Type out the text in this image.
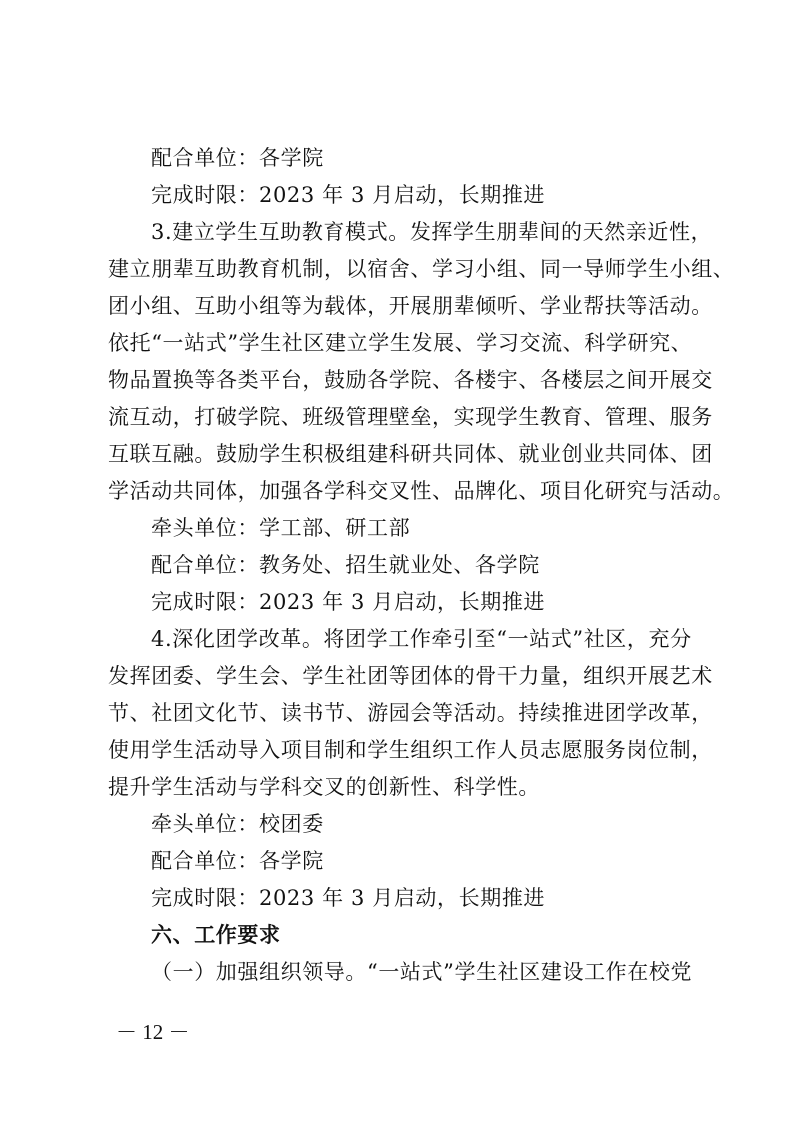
配合单位：各学院
完成时限：2023 年 3 月启动，长期推进
3.建立学生互助教育模式。发挥学生朋辈间的天然亲近性，
建立朋辈互助教育机制，以宿舍、学习小组、同一导师学生小组、
团小组、互助小组等为载体，开展朋辈倾听、学业帮扶等活动。
依托“一站式”学生社区建立学生发展、学习交流、科学研究、
物品置换等各类平台，鼓励各学院、各楼宇、各楼层之间开展交
流互动，打破学院、班级管理壁垒，实现学生教育、管理、服务
互联互融。鼓励学生积极组建科研共同体、就业创业共同体、团
学活动共同体，加强各学科交叉性、品牌化、项目化研究与活动。
牵头单位：学工部、研工部
配合单位：教务处、招生就业处、各学院
完成时限：2023 年 3 月启动，长期推进
4.深化团学改革。将团学工作牵引至“一站式”社区，充分
发挥团委、学生会、学生社团等团体的骨干力量，组织开展艺术
节、社团文化节、读书节、游园会等活动。持续推进团学改革，
使用学生活动导入项目制和学生组织工作人员志愿服务岗位制，
提升学生活动与学科交叉的创新性、科学性。
牵头单位：校团委
配合单位：各学院
完成时限：2023 年 3 月启动，长期推进
六、工作要求
（一）加强组织领导。“一站式”学生社区建设工作在校党
－ 12 －
